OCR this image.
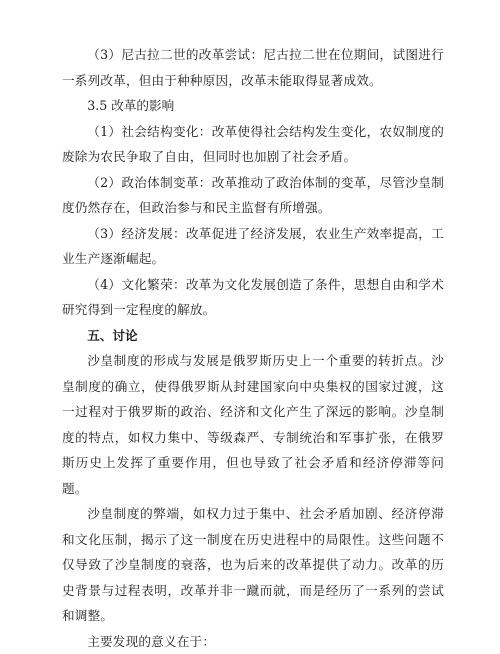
（3）尼古拉二世的改革尝试：尼古拉二世在位期间，试图进行一系列改革，但由于种种原因，改革未能取得显著成效。

3.5 改革的影响

（1）社会结构变化：改革使得社会结构发生变化，农奴制度的废除为农民争取了自由，但同时也加剧了社会矛盾。

（2）政治体制变革：改革推动了政治体制的变革，尽管沙皇制度仍然存在，但政治参与和民主监督有所增强。

（3）经济发展：改革促进了经济发展，农业生产效率提高，工业生产逐渐崛起。

（4）文化繁荣：改革为文化发展创造了条件，思想自由和学术研究得到一定程度的解放。

五、讨论

沙皇制度的形成与发展是俄罗斯历史上一个重要的转折点。沙皇制度的确立，使得俄罗斯从封建国家向中央集权的国家过渡，这一过程对于俄罗斯的政治、经济和文化产生了深远的影响。沙皇制度的特点，如权力集中、等级森严、专制统治和军事扩张，在俄罗斯历史上发挥了重要作用，但也导致了社会矛盾和经济停滞等问题。

沙皇制度的弊端，如权力过于集中、社会矛盾加剧、经济停滞和文化压制，揭示了这一制度在历史进程中的局限性。这些问题不仅导致了沙皇制度的衰落，也为后来的改革提供了动力。改革的历史背景与过程表明，改革并非一蹴而就，而是经历了一系列的尝试和调整。

主要发现的意义在于：
